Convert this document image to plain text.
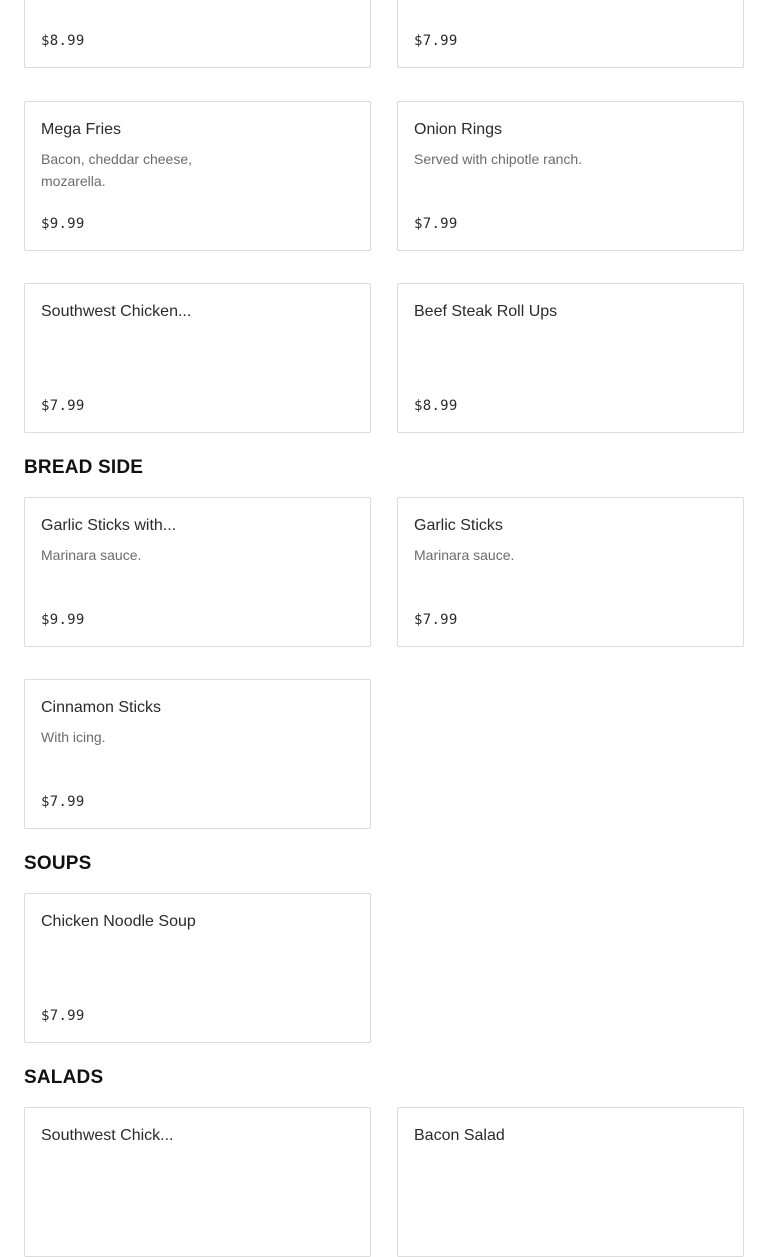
$8.99	$7.99
Mega Fries
Bacon, cheddar cheese, mozarella.
$9.99
Onion Rings
Served with chipotle ranch.
$7.99
Southwest Chicken...
$7.99
Beef Steak Roll Ups
$8.99
BREAD SIDE
Garlic Sticks with...
Marinara sauce.
$9.99
Garlic Sticks
Marinara sauce.
$7.99
Cinnamon Sticks
With icing.
$7.99
SOUPS
Chicken Noodle Soup
$7.99
SALADS
Southwest Chick...	Bacon Salad
